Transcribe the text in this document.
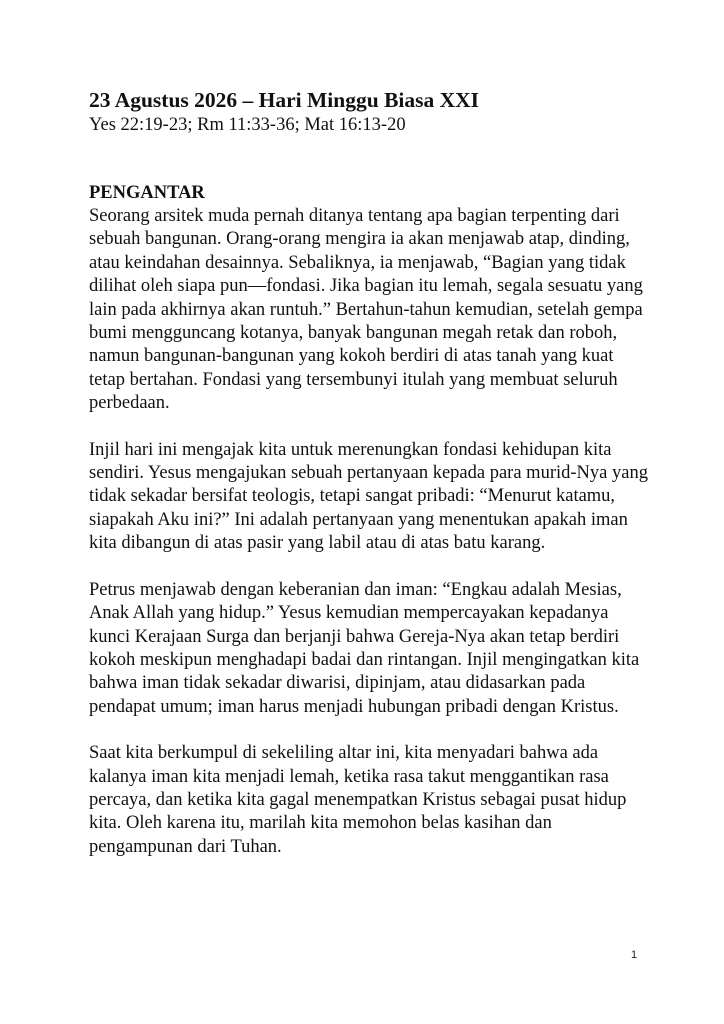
23 Agustus 2026 – Hari Minggu Biasa XXI

Yes 22:19-23; Rm 11:33-36; Mat 16:13-20

PENGANTAR

Seorang arsitek muda pernah ditanya tentang apa bagian terpenting dari sebuah bangunan. Orang-orang mengira ia akan menjawab atap, dinding, atau keindahan desainnya. Sebaliknya, ia menjawab, “Bagian yang tidak dilihat oleh siapa pun—fondasi. Jika bagian itu lemah, segala sesuatu yang lain pada akhirnya akan runtuh.” Bertahun-tahun kemudian, setelah gempa bumi mengguncang kotanya, banyak bangunan megah retak dan roboh, namun bangunan-bangunan yang kokoh berdiri di atas tanah yang kuat tetap bertahan. Fondasi yang tersembunyi itulah yang membuat seluruh perbedaan.

Injil hari ini mengajak kita untuk merenungkan fondasi kehidupan kita sendiri. Yesus mengajukan sebuah pertanyaan kepada para murid-Nya yang tidak sekadar bersifat teologis, tetapi sangat pribadi: “Menurut katamu, siapakah Aku ini?” Ini adalah pertanyaan yang menentukan apakah iman kita dibangun di atas pasir yang labil atau di atas batu karang.

Petrus menjawab dengan keberanian dan iman: “Engkau adalah Mesias, Anak Allah yang hidup.” Yesus kemudian mempercayakan kepadanya kunci Kerajaan Surga dan berjanji bahwa Gereja-Nya akan tetap berdiri kokoh meskipun menghadapi badai dan rintangan. Injil mengingatkan kita bahwa iman tidak sekadar diwarisi, dipinjam, atau didasarkan pada pendapat umum; iman harus menjadi hubungan pribadi dengan Kristus.

Saat kita berkumpul di sekeliling altar ini, kita menyadari bahwa ada kalanya iman kita menjadi lemah, ketika rasa takut menggantikan rasa percaya, dan ketika kita gagal menempatkan Kristus sebagai pusat hidup kita. Oleh karena itu, marilah kita memohon belas kasihan dan pengampunan dari Tuhan.

1
